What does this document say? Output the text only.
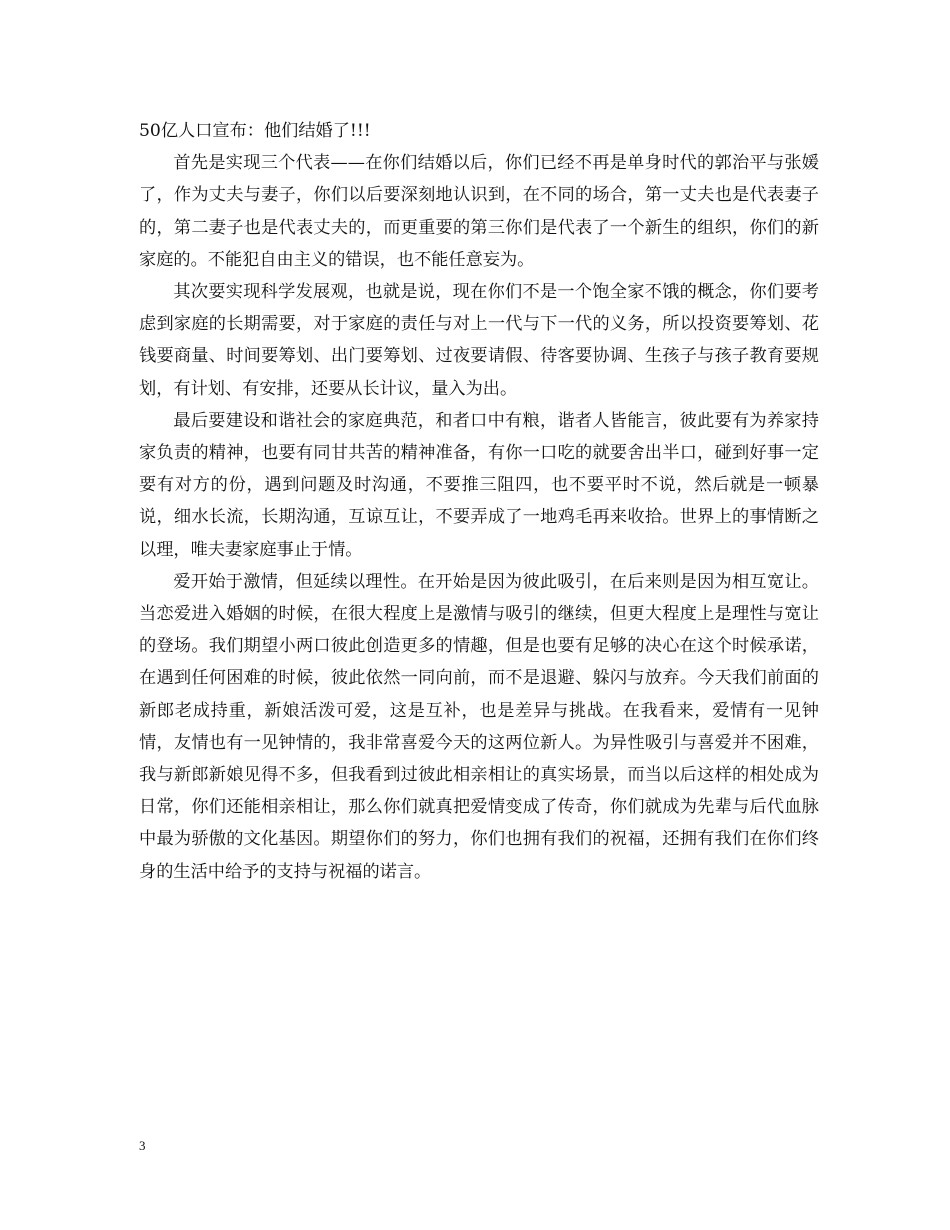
50亿人口宣布：他们结婚了!!!

首先是实现三个代表——在你们结婚以后，你们已经不再是单身时代的郭治平与张媛了，作为丈夫与妻子，你们以后要深刻地认识到，在不同的场合，第一丈夫也是代表妻子的，第二妻子也是代表丈夫的，而更重要的第三你们是代表了一个新生的组织，你们的新家庭的。不能犯自由主义的错误，也不能任意妄为。

其次要实现科学发展观，也就是说，现在你们不是一个饱全家不饿的概念，你们要考虑到家庭的长期需要，对于家庭的责任与对上一代与下一代的义务，所以投资要筹划、花钱要商量、时间要筹划、出门要筹划、过夜要请假、待客要协调、生孩子与孩子教育要规划，有计划、有安排，还要从长计议，量入为出。

最后要建设和谐社会的家庭典范，和者口中有粮，谐者人皆能言，彼此要有为养家持家负责的精神，也要有同甘共苦的精神准备，有你一口吃的就要舍出半口，碰到好事一定要有对方的份，遇到问题及时沟通，不要推三阻四，也不要平时不说，然后就是一顿暴说，细水长流，长期沟通，互谅互让，不要弄成了一地鸡毛再来收拾。世界上的事情断之以理，唯夫妻家庭事止于情。

爱开始于激情，但延续以理性。在开始是因为彼此吸引，在后来则是因为相互宽让。当恋爱进入婚姻的时候，在很大程度上是激情与吸引的继续，但更大程度上是理性与宽让的登场。我们期望小两口彼此创造更多的情趣，但是也要有足够的决心在这个时候承诺，在遇到任何困难的时候，彼此依然一同向前，而不是退避、躲闪与放弃。今天我们前面的新郎老成持重，新娘活泼可爱，这是互补，也是差异与挑战。在我看来，爱情有一见钟情，友情也有一见钟情的，我非常喜爱今天的这两位新人。为异性吸引与喜爱并不困难，我与新郎新娘见得不多，但我看到过彼此相亲相让的真实场景，而当以后这样的相处成为日常，你们还能相亲相让，那么你们就真把爱情变成了传奇，你们就成为先辈与后代血脉中最为骄傲的文化基因。期望你们的努力，你们也拥有我们的祝福，还拥有我们在你们终身的生活中给予的支持与祝福的诺言。

3
